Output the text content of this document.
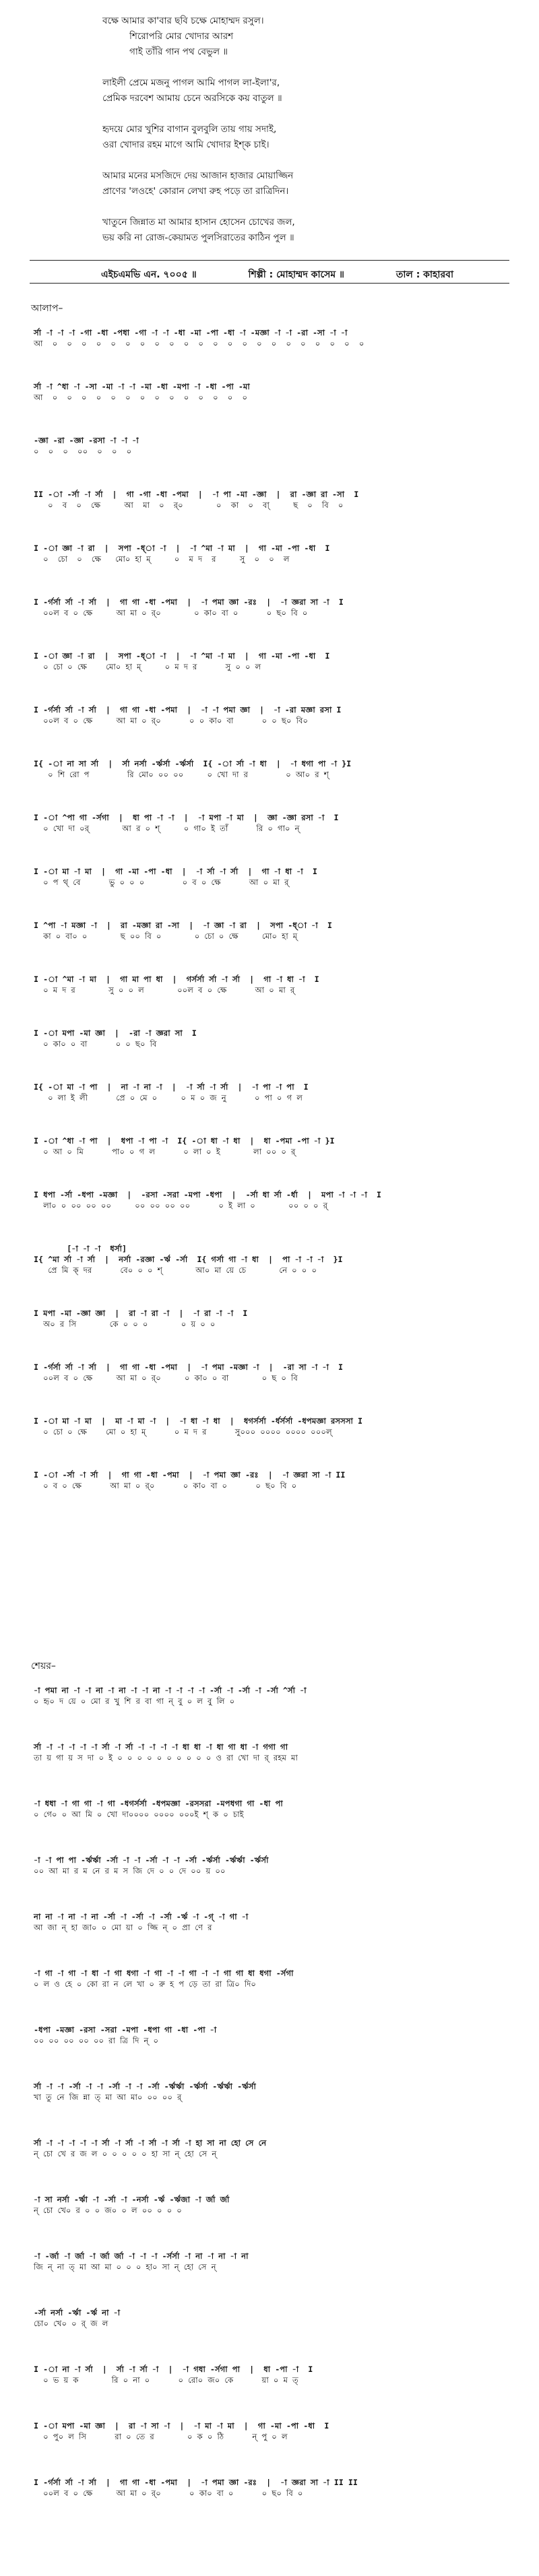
বক্ষে আমার কা'বার ছবি চক্ষে মোহাম্মদ রসুল।
শিরোপরি মোর খোদার আরশ
গাই তাঁরি গান পথ বেভুল ॥
লাইলী প্রেমে মজনু পাগল আমি পাগল লা-ইলা'র,
প্রেমিক দরবেশ আমায় চেনে অরসিকে কয় বাতুল ॥
হৃদয়ে মোর খুশির বাগান বুলবুলি তায় গায় সদাই,
ওরা খোদার রহম মাগে আমি খোদার ইশ্‌ক চাই।
আমার মনের মসজিদে দেয় আজান হাজার মোয়াজ্জিন
প্রাণের 'লওহে' কোরান লেখা রুহ পড়ে তা রাত্রিদিন।
খাতুনে জিন্নাত মা আমার হাসান হোসেন চোখের জল,
ভয় করি না রোজ-কেয়ামত পুলসিরাতের কাঠিন পুল ॥
এইচএমভি এন. ৭০০৫ ॥	শিল্পী : মোহাম্মদ কাসেম ॥	তাল : কাহারবা
আলাপ–
র্সা -া -া -া -গা -ধা -পধা -গা -া -া -ধা -মা -পা -ধা -া -মজ্ঞা -া -া -রা -সা -া -া
আ  ০  ০  ০  ০  ০  ০  ০  ০  ০  ০  ০  ০  ০  ০  ০  ০  ০  ০  ০  ০  ০  ০
র্সা -া ^ধা -া -সা -মা -া -া -মা -ধা -মপা -া -ধা -পা -মা
আ  ০  ০  ০  ০  ০  ০  ০  ০  ০  ০  ০  ০  ০  ০
-জ্ঞা -রা -জ্ঞা -রসা -া -া -া
০  ০  ০  ০০  ০  ০  ০
II -া -র্সা -া র্সা  |  গা -গা -ধা -পমা  |  -া পা -মা -জ্ঞা  |  রা -জ্ঞা রা -সা  I
০  ব  ০  ক্ষে     আ  মা  ০  র্০       ০  কা  ০  বা্     ছ  ০  বি  ০
I -া জ্ঞা -া রা  |  সপা -ধ্া -া  |  -া ^মা -া মা  |  গা -মা -পা -ধা  I
০  চো  ০  ক্ষে   মো০ হা ম্     ০  ম দ  র     সু  ০  ০  ল
I -র্গর্সা র্সা -া র্সা  |  গা গা -ধা -পমা  |  -া পমা জ্ঞা -রঃ  |  -া জ্ঞরা সা -া  I
০০ল ব ০ ক্ষে     আ মা ০ র্০       ০ কা০ বা ০      ০ ছ০ বি ০
I -া জ্ঞা -া রা  |  সপা -ধ্া -া  |  -া ^মা -া মা  |  গা -মা -পা -ধা  I
০ চো ০ ক্ষে    মো০ হা ম্     ০ ম দ র      সু ০ ০ ল
I -র্গর্সা র্সা -া র্সা  |  গা গা -ধা -পমা  |  -া -া পমা জ্ঞা  |  -া -রা মজ্ঞা রসা I
০০ল ব ০ ক্ষে     আ মা ০ র্০      ০ ০ কা০ বা      ০ ০ ছ০ বি০
I{ -া না সা র্সা  |  র্সা নর্সা -র্ঋর্সা -র্ঋর্সা  I{ -া র্সা -া ধা  |  -া ধগা পা -া }I
০ শি রো প        রি মো০ ০০ ০০     ০ খো দা র        ০ আ০ র শ্
I -া ^পা গা -র্সগা  |  ধা পা -া -া  |  -া মপা -া মা  |  জ্ঞা -জ্ঞা রসা -া  I
০ খো দা ০র্       আ র ০ শ্     ০ গা০ ই তাঁ      রি ০ গা০ ন্
I -া মা -া মা  |  গা -মা -পা -ধা  |  -া র্সা -া র্সা  |  গা -া ধা -া  I
০ প থ্ বে      ভু ০ ০ ০        ০ ব ০ ক্ষে      আ ০ মা র্
I ^পা -া মজ্ঞা -া  |  রা -মজ্ঞা রা -সা  |  -া জ্ঞা -া রা  |  সপা -ধ্া -া  I
কা ০ বা০ ০       ছ ০০ বি ০       ০ চো ০ ক্ষে     মো০ হা ম্
I -া ^মা -া মা  |  গা মা পা ধা  |  গর্সর্সা র্সা -া র্সা  |  গা -া ধা -া  I
০ ম দ র       সু ০ ০ ল       ০০ল ব ০ ক্ষে      আ ০ মা র্
I -া মপা -মা জ্ঞা  |  -রা -া জ্ঞরা সা  I
০ কা০ ০ বা      ০ ০ ছ০ বি
I{ -া মা -া পা  |  না -া না -া  |  -া র্সা -া র্সা  |  -া পা -া পা  I
০ লা ই লী      প্রে ০ মে ০     ০ ম ০ জ নু      ০ পা ০ গ ল
I -া ^ধা -া পা  |  ধপা -া পা -া  I{ -া ধা -া ধা  |  ধা -পমা -পা -া }I
০ আ ০ মি      পা০ ০ গ ল      ০ লা ০ ই       লা ০০ ০ র্
I ধপা -র্সা -ধপা -মজ্ঞা  |  -রসা -সরা -মপা -ধপা  |  -র্সা ধা র্সা -র্ধা  |  মপা -া -া -া  I
লা০ ০ ০০ ০০ ০০     ০০ ০০ ০০ ০০      ০ ই লা ০       ০০ ০ ০ র্
[-া -া -া  ধর্সা]
I{ ^মা র্সা -া র্সা  |  নর্সা -রজ্ঞা -র্ঋ -র্সা  I{ গর্সা গা -া ধা  |  পা -া -া -া  }I
প্রে মি ক্ দর      বে০ ০ ০ শ্       আ০ মা য়ে চে       নে ০ ০ ০
I মপা -মা -জ্ঞা জ্ঞা  |  রা -া রা -া  |  -া রা -া -া  I
অ০ র সি       কে ০ ০ ০       ০ য় ০ ০
I -র্গর্সা র্সা -া র্সা  |  গা গা -ধা -পমা  |  -া পমা -মজ্ঞা -া  |  -রা সা -া -া  I
০০ল ব ০ ক্ষে     আ মা ০ র্০     ০ কা০ ০ বা       ০ ছ ০ বি
I -া মা -া মা  |  মা -া মা -া  |  -া ধা -া ধা  |  ধগর্সর্সা -র্ধর্সর্সা -ধপমজ্ঞা রসসসা I
০ চো ০ ক্ষে    মো ০ হা ম্      ০ ম দ র      সু০০০ ০০০০ ০০০০ ০০০ল্
I -া -র্সা -া র্সা  |  গা গা -ধা -পমা  |  -া পমা জ্ঞা -রঃ  |  -া জ্ঞরা সা -া II
০ ব ০ ক্ষে      আ মা ০ র্০      ০ কা০ বা ০      ০ ছ০ বি ০
শেয়র–
-া পমা না -া -া না -া না -া -া না -া -া -া -া -র্সা -া -র্সা -া -র্সা ^র্সা -া
০ হৃ০ দ য়ে ০ মো র খু শি র বা গা ন্ বু ০ ল বু লি ০
র্সা -া -া -া -া -া র্সা -া র্সা -া -া -া -া ধা ধা -া ধা গা ধা -া গগা গা
তা য় গা য় স দা ০ ই ০ ০ ০ ০ ০ ০ ০ ০ ০ ০ ও রা খো দা র্ রহম মা
-া ধধা -া গা গা -া গা -ধগর্সর্সা -ধপমজ্ঞা -রসসরা -মপধগা গা -ধা পা
০ গে০ ০ আ মি ০ খো দা০০০০ ০০০০ ০০০ই শ্‌ ক ০ চাই
-া -া পা পা -র্ঋর্ঋা -র্সা -া -া -র্সা -া -া -র্সা -র্ঋর্সা -র্ঋর্ঋা -র্ঋর্সা
০০ আ মা র ম নে র ম স জি দে ০ ০ দে ০০ য় ০০
না না -া না -া না -র্সা -া -র্সা -া -র্সা -র্ঋ -া -গ্ -া গা -া
আ জা ন্ হা জা০ ০ মো য়া ০ জ্জি ন্ ০ প্রা ণে র
-া গা -া গা -া ধা -া গা ধগা -া গা -া -া গা -া -া গা গা ধা ধগা -র্সগা
০ ল ও হে ০ কো রা ন লে খা ০ রু হ প ড়ে তা রা ত্রি০ দি০
-ধপা -মজ্ঞা -রসা -সরা -মপা -ধপা গা -ধা -পা -া
০০ ০০ ০০ ০০ ০০ রা ত্রি দি ন্ ০
র্সা -া -া -র্সা -া -া -র্সা -া -া -র্সা -র্ঋর্ঋা -র্ঋর্সা -র্ঋর্ঋা -র্ঋর্সা
খা তু নে জি ন্না ত্ মা আ মা০ ০০ ০০ র্
র্সা -া -া -া -া -া র্সা -া র্সা -া র্সা -া র্সা -া হা সা না হো সে নে
ন্ চো খে র জ ল ০ ০ ০ ০ ০ হা সা ন্ হো সে ন্
-া সা নর্সা -র্ঋা -া -র্সা -া -নর্সা -র্ঋ -র্ঋজা -া র্জা র্জা
ন্ চো খে০ র ০ ০ জ০ ০ ল ০০ ০ ০ ০
-া -র্জা -া র্জা -া র্জা র্জা -া -া -া -র্সর্সা -া না -া না -া না
জি ন্ না ত্ মা আ মা ০ ০ ০ হা০ সা ন্ হো সে ন্
-র্সা নর্সা -র্ঋা -র্ঋ না -া
চো০ খে০ ০ র্ জ ল
I -া না -া র্সা  |  র্সা -া র্সা -া  |  -া গধা -র্সগা পা  |  ধা -পা -া  I
০ ভ য় ক       রি ০ না ০      ০ রো০ জ০ কে      য়া ০ ম ত্
I -া মপা -মা জ্ঞা  |  রা -া সা -া  |  -া মা -া মা  |  গা -মা -পা -ধা  I
০ পু০ ল সি      রা ০ তে র       ০ ক ০ ঠি      ন্ পু ০ ল
I -র্গর্সা র্সা -া র্সা  |  গা গা -ধা -পমা  |  -া পমা জ্ঞা -রঃ  |  -া জ্ঞরা সা -া II II
০০ল ব ০ ক্ষে     আ মা ০ র্০      ০ কা০ বা ০      ০ ছ০ বি ০
